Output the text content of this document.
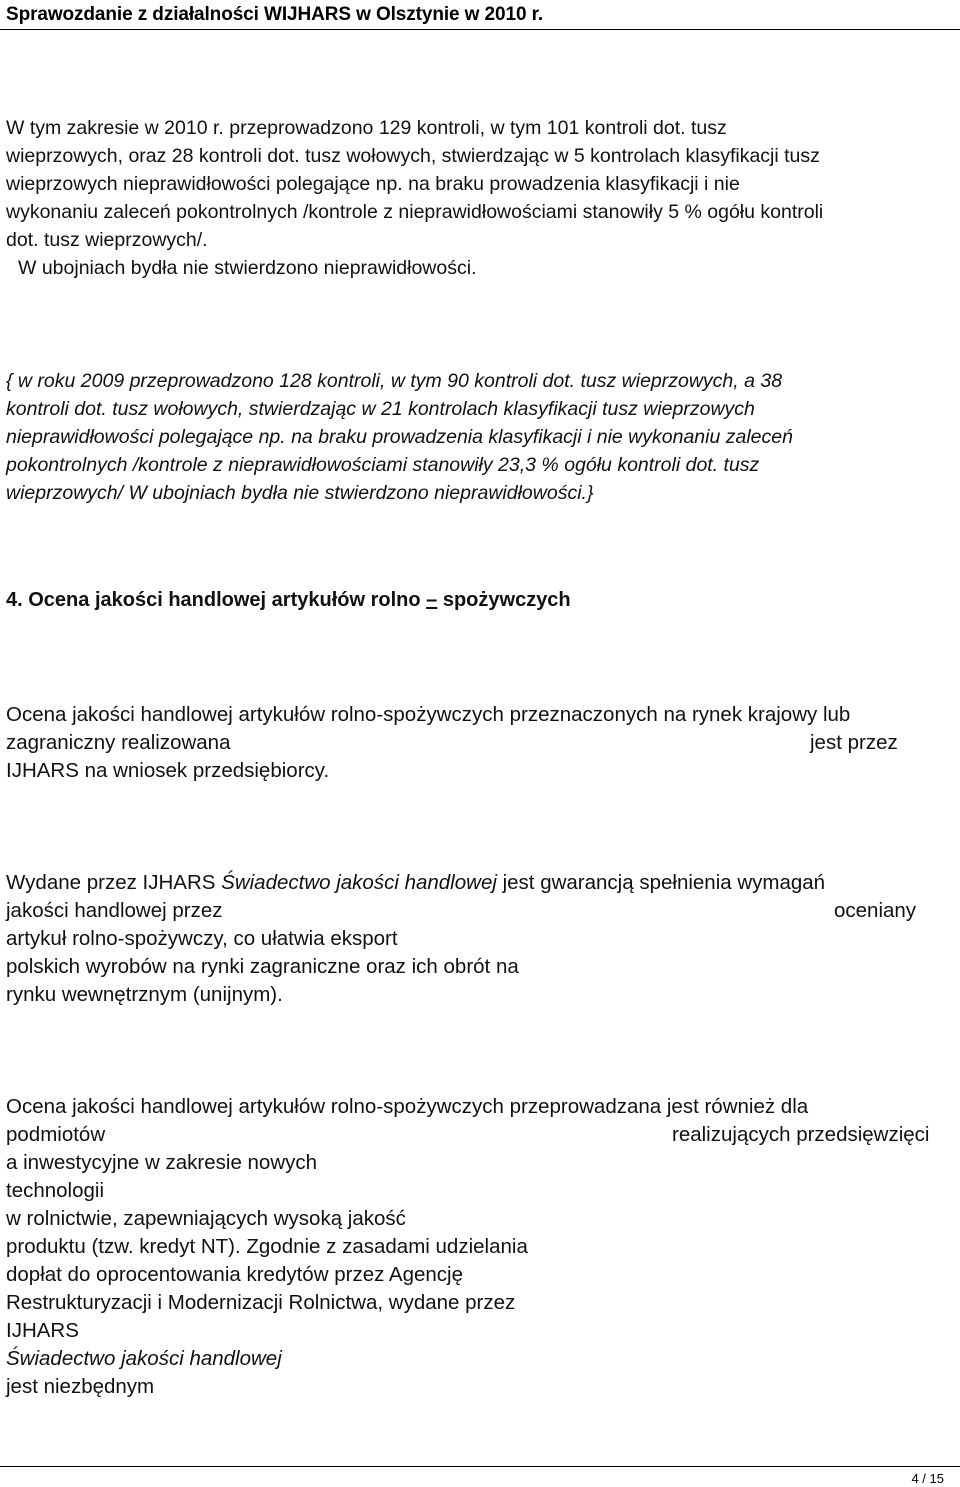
Sprawozdanie z działalności WIJHARS w Olsztynie w 2010 r.
W tym zakresie w 2010 r. przeprowadzono 129 kontroli, w tym 101 kontroli dot. tusz
wieprzowych, oraz 28 kontroli dot. tusz wołowych, stwierdzając w 5 kontrolach klasyfikacji tusz
wieprzowych nieprawidłowości polegające np. na braku prowadzenia klasyfikacji i nie
wykonaniu zaleceń pokontrolnych /kontrole z nieprawidłowościami stanowiły 5 % ogółu kontroli
dot. tusz wieprzowych/.
W ubojniach bydła nie stwierdzono nieprawidłowości.
{ w roku 2009 przeprowadzono 128 kontroli, w tym 90 kontroli dot. tusz wieprzowych, a 38
kontroli dot. tusz wołowych, stwierdzając w 21 kontrolach klasyfikacji tusz wieprzowych
nieprawidłowości polegające np. na braku prowadzenia klasyfikacji i nie wykonaniu zaleceń
pokontrolnych /kontrole z nieprawidłowościami stanowiły 23,3 % ogółu kontroli dot. tusz
wieprzowych/ W ubojniach bydła nie stwierdzono nieprawidłowości.}
4. Ocena jakości handlowej artykułów rolno – spożywczych
Ocena jakości handlowej artykułów rolno-spożywczych przeznaczonych na rynek krajowy lub
zagraniczny realizowana	jest przez
IJHARS na wniosek przedsiębiorcy.
Wydane przez IJHARS Świadectwo jakości handlowej jest gwarancją spełnienia wymagań
jakości handlowej przez	oceniany
artykuł rolno-spożywczy, co ułatwia eksport
polskich wyrobów na rynki zagraniczne oraz ich obrót na
rynku wewnętrznym (unijnym).
Ocena jakości handlowej artykułów rolno-spożywczych przeprowadzana jest również dla
podmiotów	realizujących przedsięwzięci
a inwestycyjne w zakresie nowych
technologii
w rolnictwie, zapewniających wysoką jakość
produktu (tzw. kredyt NT). Zgodnie z zasadami udzielania
dopłat do oprocentowania kredytów przez Agencję
Restrukturyzacji i Modernizacji Rolnictwa, wydane przez
IJHARS
Świadectwo jakości handlowej
jest niezbędnym
4 / 15
